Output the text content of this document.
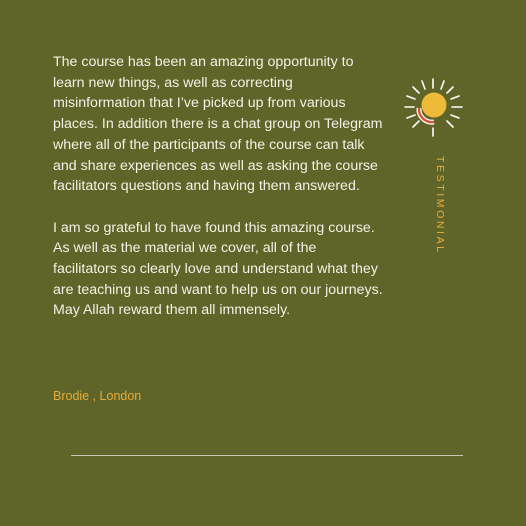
The course has been an amazing opportunity to learn new things, as well as correcting misinformation that I’ve picked up from various places. In addition there is a chat group on Telegram where all of the participants of the course can talk and share experiences as well as asking the course facilitators questions and having them answered.

I am so grateful to have found this amazing course. As well as the material we cover, all of the facilitators so clearly love and understand what they are teaching us and want to help us on our journeys. May Allah reward them all immensely.

Brodie , London
TESTIMONIAL
